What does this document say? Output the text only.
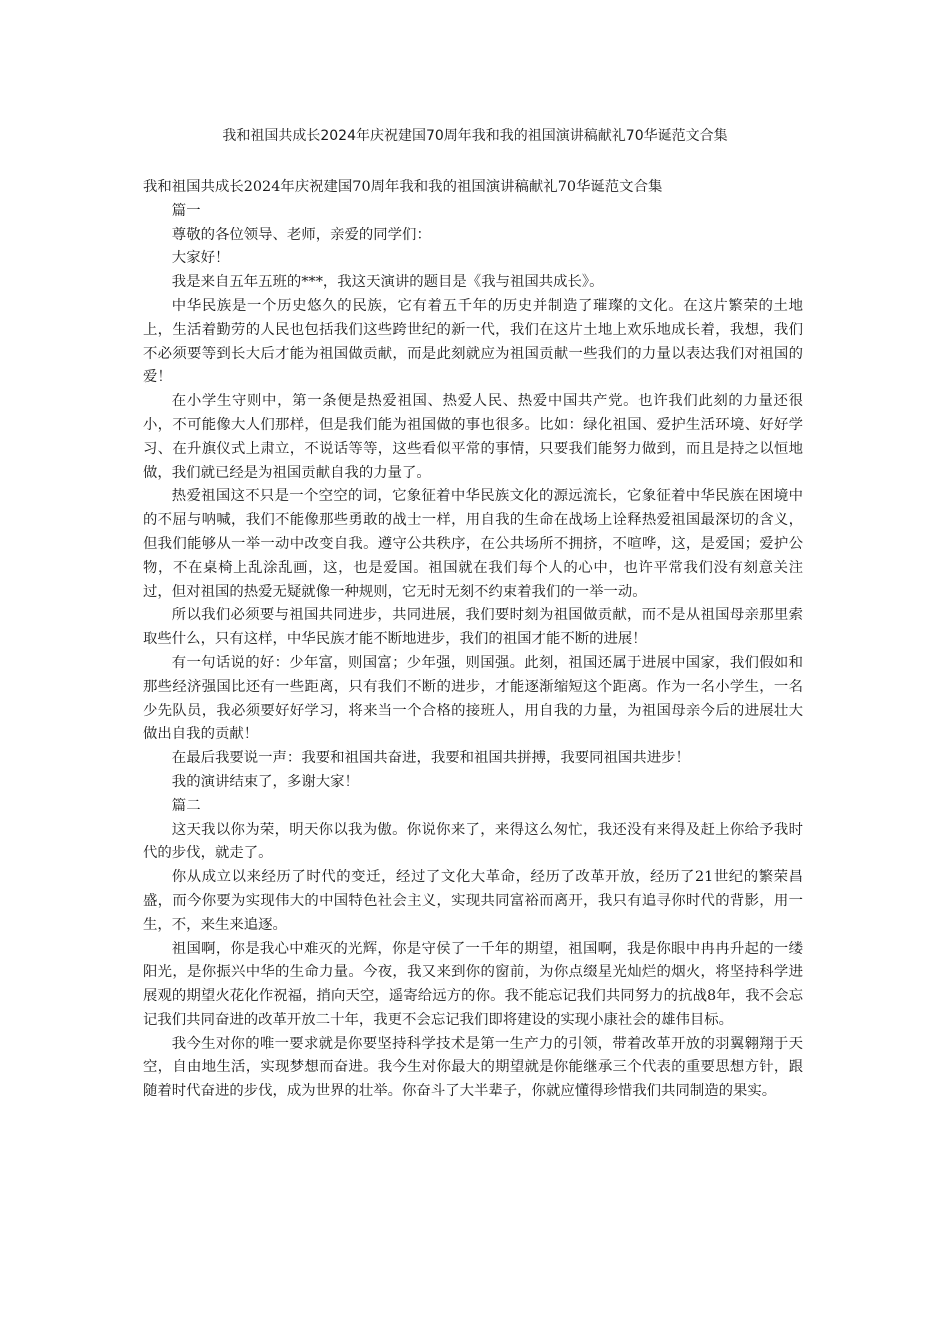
我和祖国共成长2024年庆祝建国70周年我和我的祖国演讲稿献礼70华诞范文合集

我和祖国共成长2024年庆祝建国70周年我和我的祖国演讲稿献礼70华诞范文合集

篇一

尊敬的各位领导、老师，亲爱的同学们：

大家好！

我是来自五年五班的***，我这天演讲的题目是《我与祖国共成长》。

中华民族是一个历史悠久的民族，它有着五千年的历史并制造了璀璨的文化。在这片繁荣的土地上，生活着勤劳的人民也包括我们这些跨世纪的新一代，我们在这片土地上欢乐地成长着，我想，我们不必须要等到长大后才能为祖国做贡献，而是此刻就应为祖国贡献一些我们的力量以表达我们对祖国的爱！

在小学生守则中，第一条便是热爱祖国、热爱人民、热爱中国共产党。也许我们此刻的力量还很小，不可能像大人们那样，但是我们能为祖国做的事也很多。比如：绿化祖国、爱护生活环境、好好学习、在升旗仪式上肃立，不说话等等，这些看似平常的事情，只要我们能努力做到，而且是持之以恒地做，我们就已经是为祖国贡献自我的力量了。

热爱祖国这不只是一个空空的词，它象征着中华民族文化的源远流长，它象征着中华民族在困境中的不屈与呐喊，我们不能像那些勇敢的战士一样，用自我的生命在战场上诠释热爱祖国最深切的含义，但我们能够从一举一动中改变自我。遵守公共秩序，在公共场所不拥挤，不喧哗，这，是爱国；爱护公物，不在桌椅上乱涂乱画，这，也是爱国。祖国就在我们每个人的心中，也许平常我们没有刻意关注过，但对祖国的热爱无疑就像一种规则，它无时无刻不约束着我们的一举一动。

所以我们必须要与祖国共同进步，共同进展，我们要时刻为祖国做贡献，而不是从祖国母亲那里索取些什么，只有这样，中华民族才能不断地进步，我们的祖国才能不断的进展！

有一句话说的好：少年富，则国富；少年强，则国强。此刻，祖国还属于进展中国家，我们假如和那些经济强国比还有一些距离，只有我们不断的进步，才能逐渐缩短这个距离。作为一名小学生，一名少先队员，我必须要好好学习，将来当一个合格的接班人，用自我的力量，为祖国母亲今后的进展壮大做出自我的贡献！

在最后我要说一声：我要和祖国共奋进，我要和祖国共拼搏，我要同祖国共进步！

我的演讲结束了，多谢大家！

篇二

这天我以你为荣，明天你以我为傲。你说你来了，来得这么匆忙，我还没有来得及赶上你给予我时代的步伐，就走了。

你从成立以来经历了时代的变迁，经过了文化大革命，经历了改革开放，经历了21世纪的繁荣昌盛，而今你要为实现伟大的中国特色社会主义，实现共同富裕而离开，我只有追寻你时代的背影，用一生，不，来生来追逐。

祖国啊，你是我心中难灭的光辉，你是守侯了一千年的期望，祖国啊，我是你眼中冉冉升起的一缕阳光，是你振兴中华的生命力量。今夜，我又来到你的窗前，为你点缀星光灿烂的烟火，将坚持科学进展观的期望火花化作祝福，捎向天空，遥寄给远方的你。我不能忘记我们共同努力的抗战8年，我不会忘记我们共同奋进的改革开放二十年，我更不会忘记我们即将建设的实现小康社会的雄伟目标。

我今生对你的唯一要求就是你要坚持科学技术是第一生产力的引领，带着改革开放的羽翼翱翔于天空，自由地生活，实现梦想而奋进。我今生对你最大的期望就是你能继承三个代表的重要思想方针，跟随着时代奋进的步伐，成为世界的壮举。你奋斗了大半辈子，你就应懂得珍惜我们共同制造的果实。
